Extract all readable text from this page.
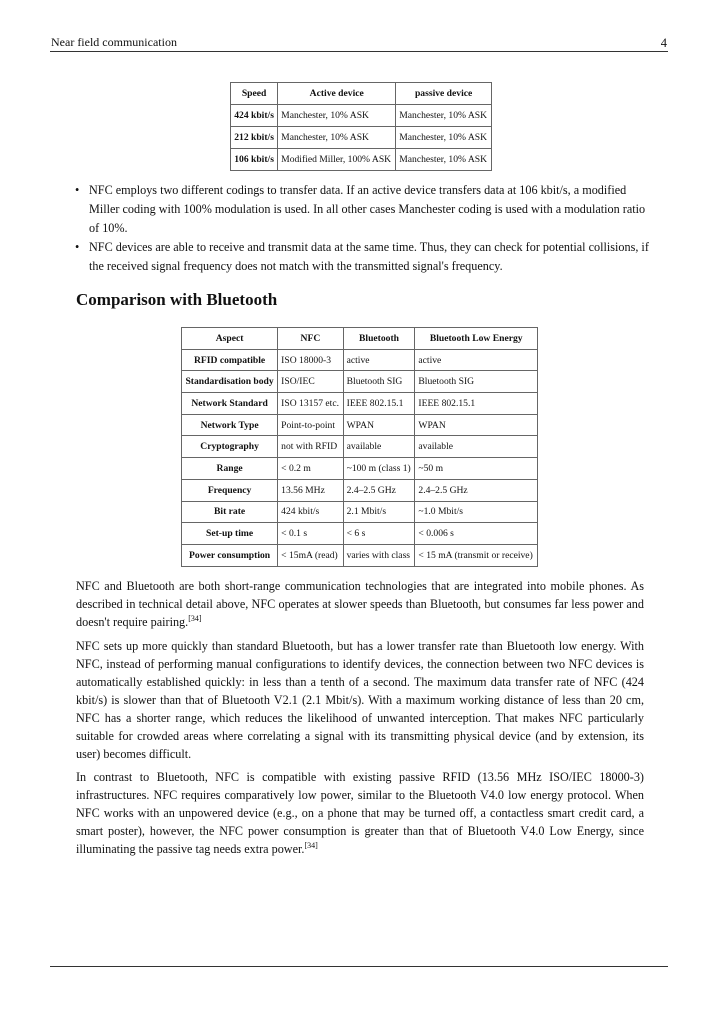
Near field communication	4
Speed	Active device	passive device
424 kbit/s	Manchester, 10% ASK	Manchester, 10% ASK
212 kbit/s	Manchester, 10% ASK	Manchester, 10% ASK
106 kbit/s	Modified Miller, 100% ASK	Manchester, 10% ASK
• NFC employs two different codings to transfer data. If an active device transfers data at 106 kbit/s, a modified Miller coding with 100% modulation is used. In all other cases Manchester coding is used with a modulation ratio of 10%.
• NFC devices are able to receive and transmit data at the same time. Thus, they can check for potential collisions, if the received signal frequency does not match with the transmitted signal's frequency.
Comparison with Bluetooth
Aspect	NFC	Bluetooth	Bluetooth Low Energy
RFID compatible	ISO 18000-3	active	active
Standardisation body	ISO/IEC	Bluetooth SIG	Bluetooth SIG
Network Standard	ISO 13157 etc.	IEEE 802.15.1	IEEE 802.15.1
Network Type	Point-to-point	WPAN	WPAN
Cryptography	not with RFID	available	available
Range	< 0.2 m	~100 m (class 1)	~50 m
Frequency	13.56 MHz	2.4–2.5 GHz	2.4–2.5 GHz
Bit rate	424 kbit/s	2.1 Mbit/s	~1.0 Mbit/s
Set-up time	< 0.1 s	< 6 s	< 0.006 s
Power consumption	< 15mA (read)	varies with class	< 15 mA (transmit or receive)
NFC and Bluetooth are both short-range communication technologies that are integrated into mobile phones. As described in technical detail above, NFC operates at slower speeds than Bluetooth, but consumes far less power and doesn't require pairing.[34]
NFC sets up more quickly than standard Bluetooth, but has a lower transfer rate than Bluetooth low energy. With NFC, instead of performing manual configurations to identify devices, the connection between two NFC devices is automatically established quickly: in less than a tenth of a second. The maximum data transfer rate of NFC (424 kbit/s) is slower than that of Bluetooth V2.1 (2.1 Mbit/s). With a maximum working distance of less than 20 cm, NFC has a shorter range, which reduces the likelihood of unwanted interception. That makes NFC particularly suitable for crowded areas where correlating a signal with its transmitting physical device (and by extension, its user) becomes difficult.
In contrast to Bluetooth, NFC is compatible with existing passive RFID (13.56 MHz ISO/IEC 18000-3) infrastructures. NFC requires comparatively low power, similar to the Bluetooth V4.0 low energy protocol. When NFC works with an unpowered device (e.g., on a phone that may be turned off, a contactless smart credit card, a smart poster), however, the NFC power consumption is greater than that of Bluetooth V4.0 Low Energy, since illuminating the passive tag needs extra power.[34]
